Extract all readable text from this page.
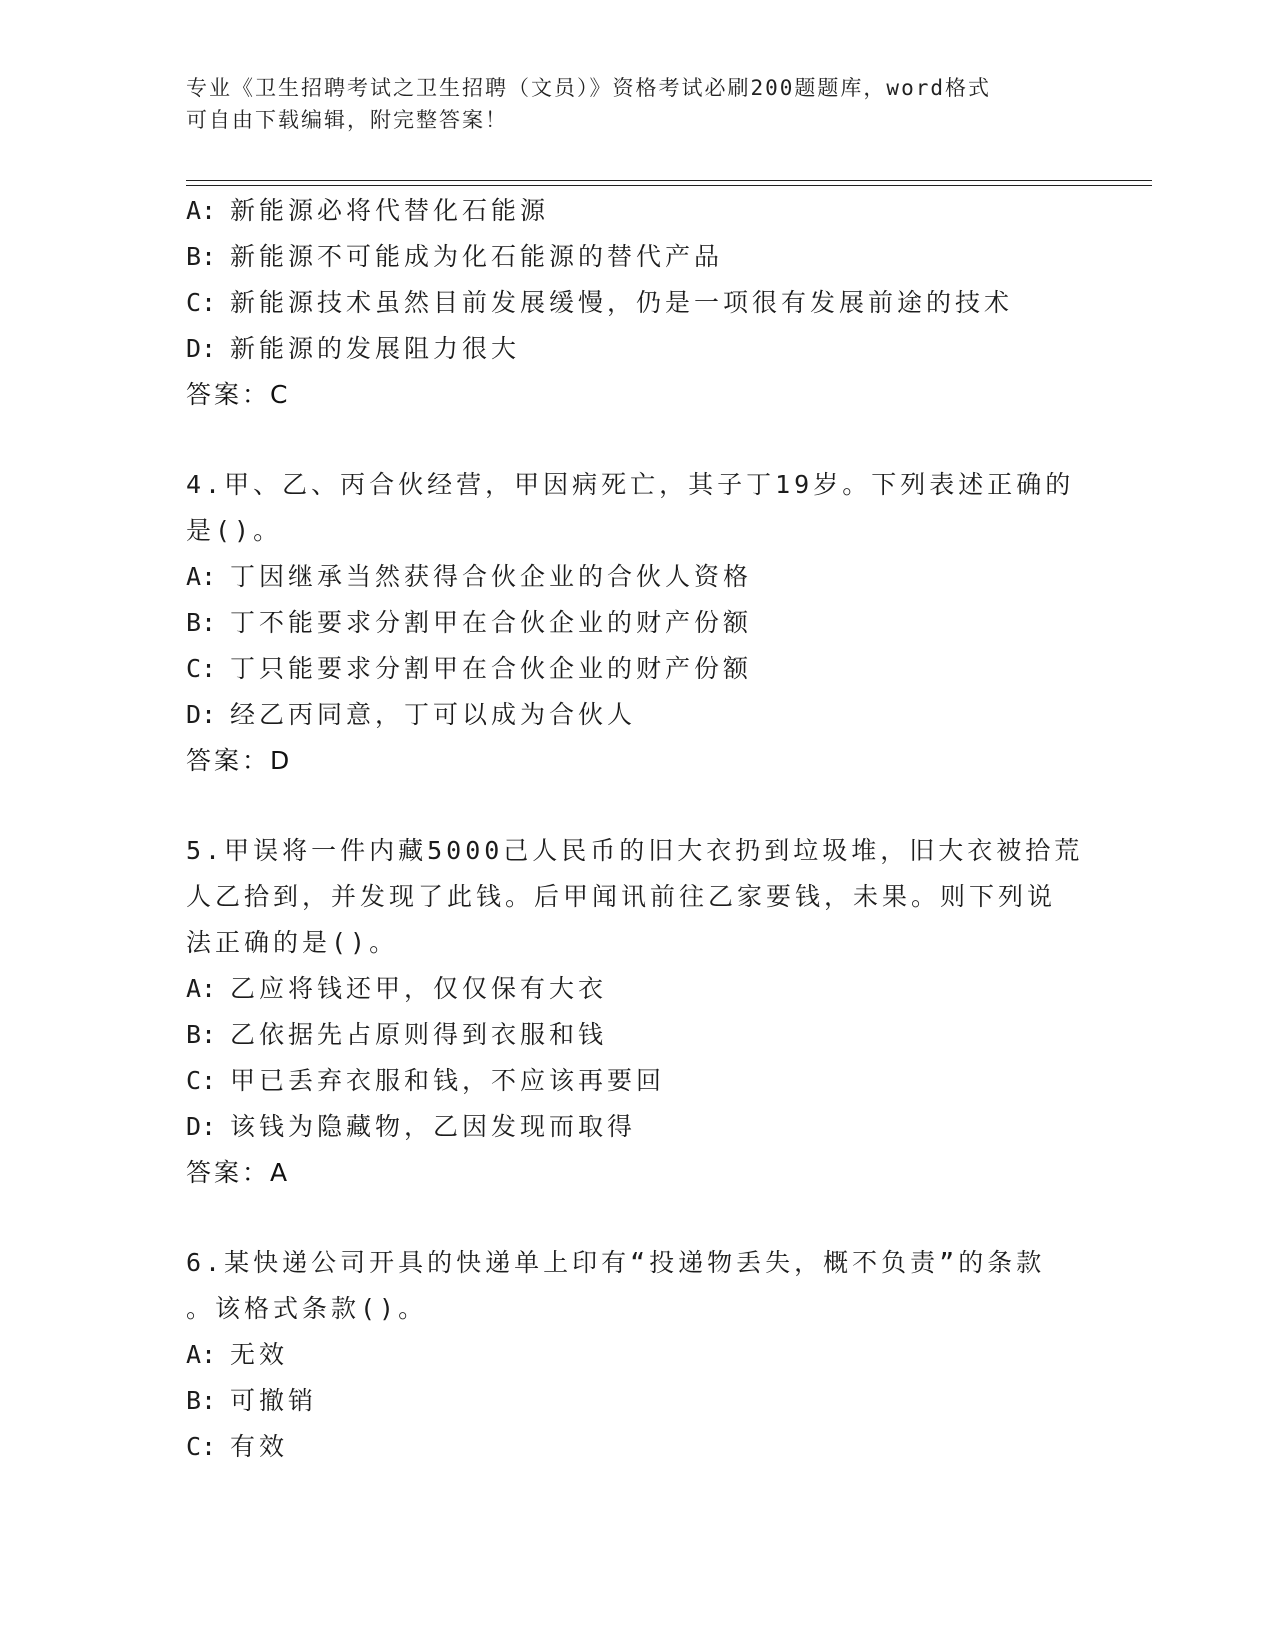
专业《卫生招聘考试之卫生招聘（文员）》资格考试必刷200题题库，word格式
可自由下载编辑，附完整答案！
A: 新能源必将代替化石能源
B: 新能源不可能成为化石能源的替代产品
C: 新能源技术虽然目前发展缓慢，仍是一项很有发展前途的技术
D: 新能源的发展阻力很大
答案：C
4.甲、乙、丙合伙经营，甲因病死亡，其子丁19岁。下列表述正确的
是()。
A: 丁因继承当然获得合伙企业的合伙人资格
B: 丁不能要求分割甲在合伙企业的财产份额
C: 丁只能要求分割甲在合伙企业的财产份额
D: 经乙丙同意，丁可以成为合伙人
答案：D
5.甲误将一件内藏5000己人民币的旧大衣扔到垃圾堆，旧大衣被拾荒
人乙拾到，并发现了此钱。后甲闻讯前往乙家要钱，未果。则下列说
法正确的是()。
A: 乙应将钱还甲，仅仅保有大衣
B: 乙依据先占原则得到衣服和钱
C: 甲已丢弃衣服和钱，不应该再要回
D: 该钱为隐藏物，乙因发现而取得
答案：A
6.某快递公司开具的快递单上印有“投递物丢失，概不负责”的条款
。该格式条款()。
A: 无效
B: 可撤销
C: 有效
